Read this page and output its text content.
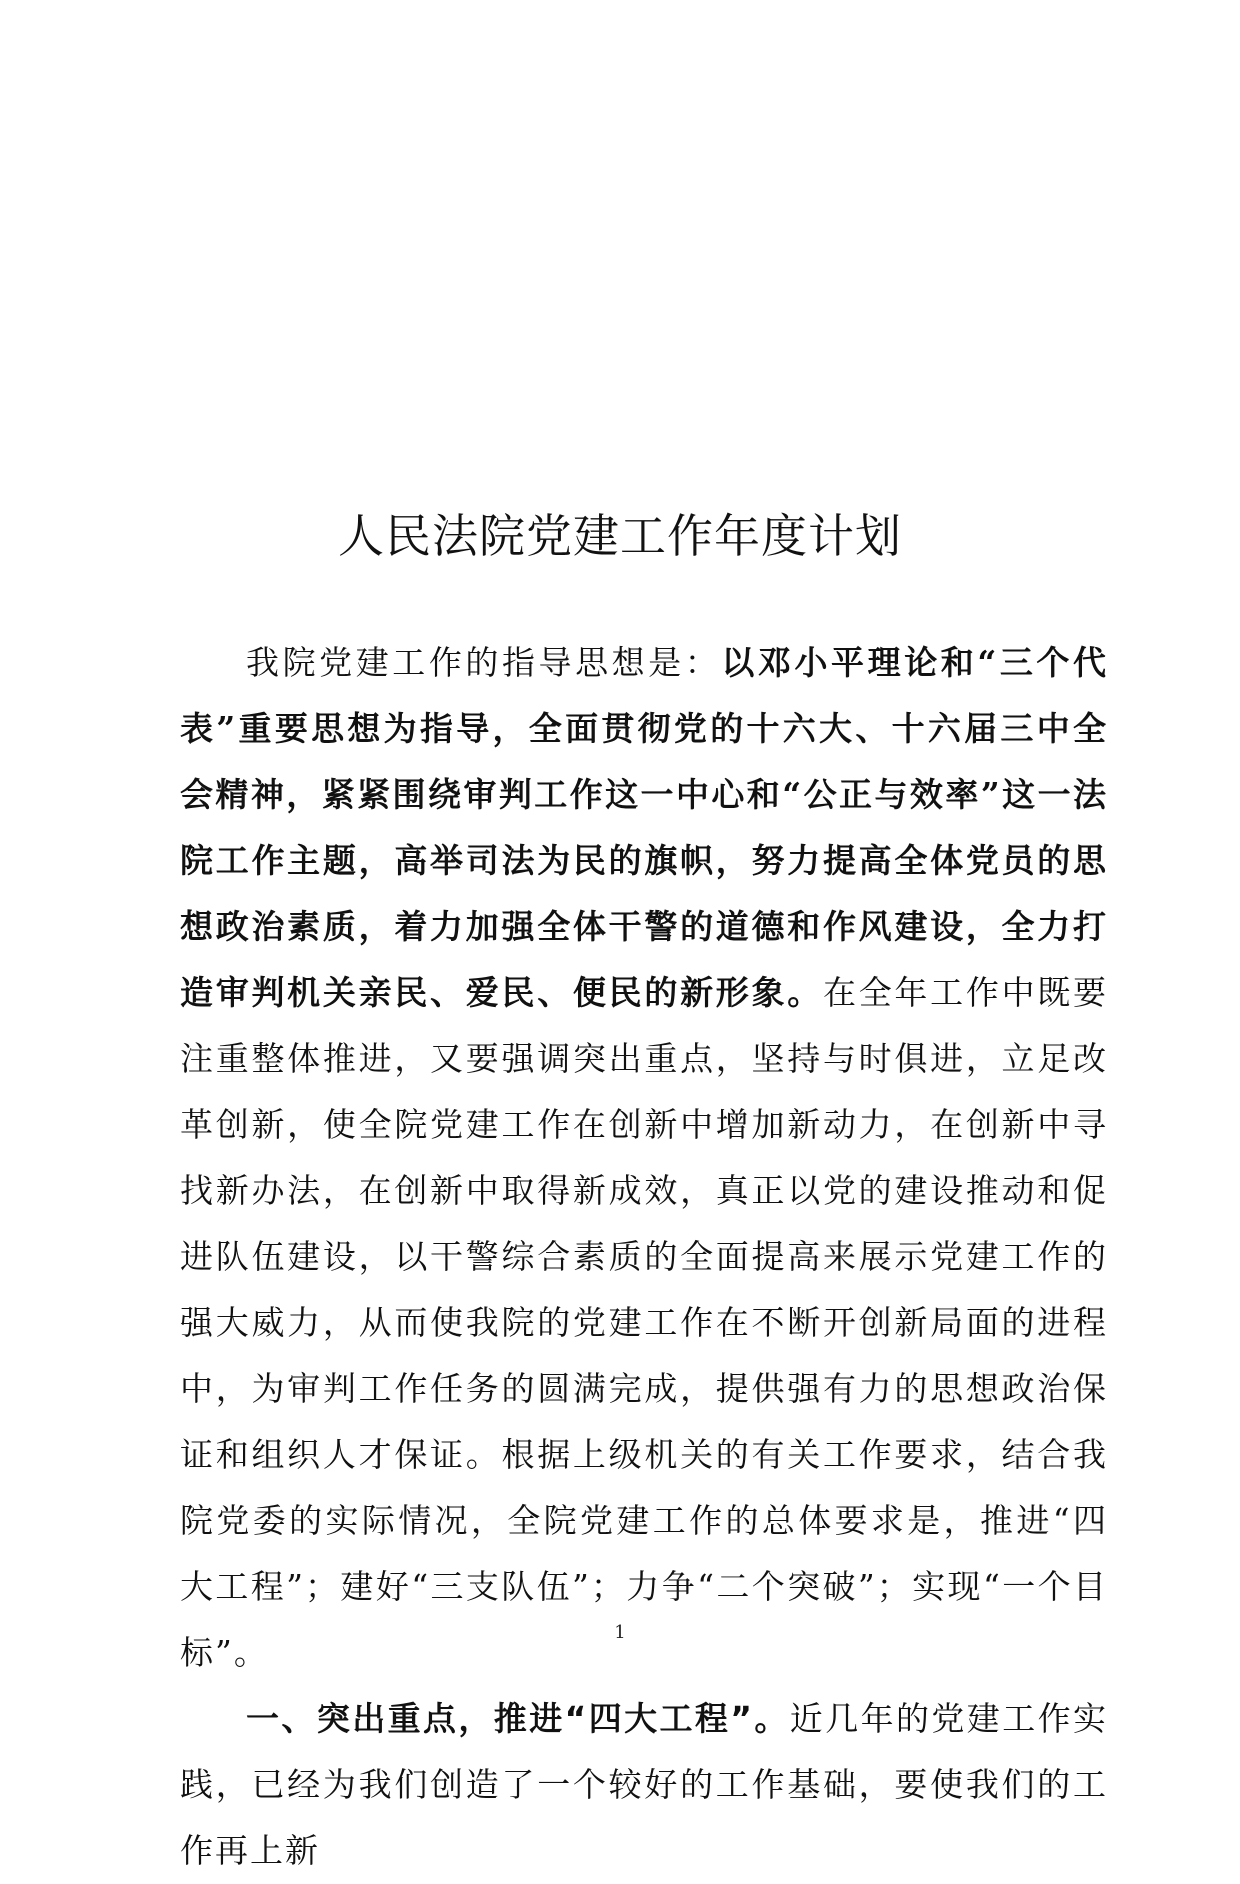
人民法院党建工作年度计划

我院党建工作的指导思想是：以邓小平理论和“三个代表”重要思想为指导，全面贯彻党的十六大、十六届三中全会精神，紧紧围绕审判工作这一中心和“公正与效率”这一法院工作主题，高举司法为民的旗帜，努力提高全体党员的思想政治素质，着力加强全体干警的道德和作风建设，全力打造审判机关亲民、爱民、便民的新形象。在全年工作中既要注重整体推进，又要强调突出重点，坚持与时俱进，立足改革创新，使全院党建工作在创新中增加新动力，在创新中寻找新办法，在创新中取得新成效，真正以党的建设推动和促进队伍建设，以干警综合素质的全面提高来展示党建工作的强大威力，从而使我院的党建工作在不断开创新局面的进程中，为审判工作任务的圆满完成，提供强有力的思想政治保证和组织人才保证。根据上级机关的有关工作要求，结合我院党委的实际情况，全院党建工作的总体要求是，推进“四大工程”；建好“三支队伍”；力争“二个突破”；实现“一个目标”。

一、突出重点，推进“四大工程”。近几年的党建工作实践，已经为我们创造了一个较好的工作基础，要使我们的工作再上新

1
